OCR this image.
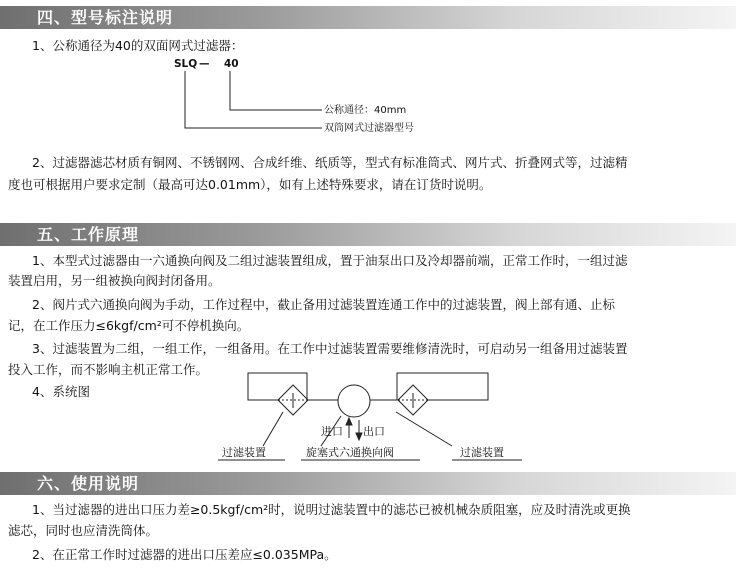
四、型号标注说明
1、公称通径为40的双面网式过滤器：
SLQ — 40
公称通径：40mm
双筒网式过滤器型号
2、过滤器滤芯材质有铜网、不锈钢网、合成纤维、纸质等，型式有标准筒式、网片式、折叠网式等，过滤精
度也可根据用户要求定制（最高可达0.01mm），如有上述特殊要求，请在订货时说明。
五、工作原理
1、本型式过滤器由一六通换向阀及二组过滤装置组成，置于油泵出口及冷却器前端，正常工作时，一组过滤
装置启用，另一组被换向阀封闭备用。
2、阀片式六通换向阀为手动，工作过程中，截止备用过滤装置连通工作中的过滤装置，阀上部有通、止标
记，在工作压力≤6kgf/cm²可不停机换向。
3、过滤装置为二组，一组工作，一组备用。在工作中过滤装置需要维修清洗时，可启动另一组备用过滤装置
投入工作，而不影响主机正常工作。
4、系统图
进口 出口
过滤装置	旋塞式六通换向阀	过滤装置
六、使用说明
1、当过滤器的进出口压力差≥0.5kgf/cm²时，说明过滤装置中的滤芯已被机械杂质阻塞，应及时清洗或更换
滤芯，同时也应清洗筒体。
2、在正常工作时过滤器的进出口压差应≤0.035MPa。
